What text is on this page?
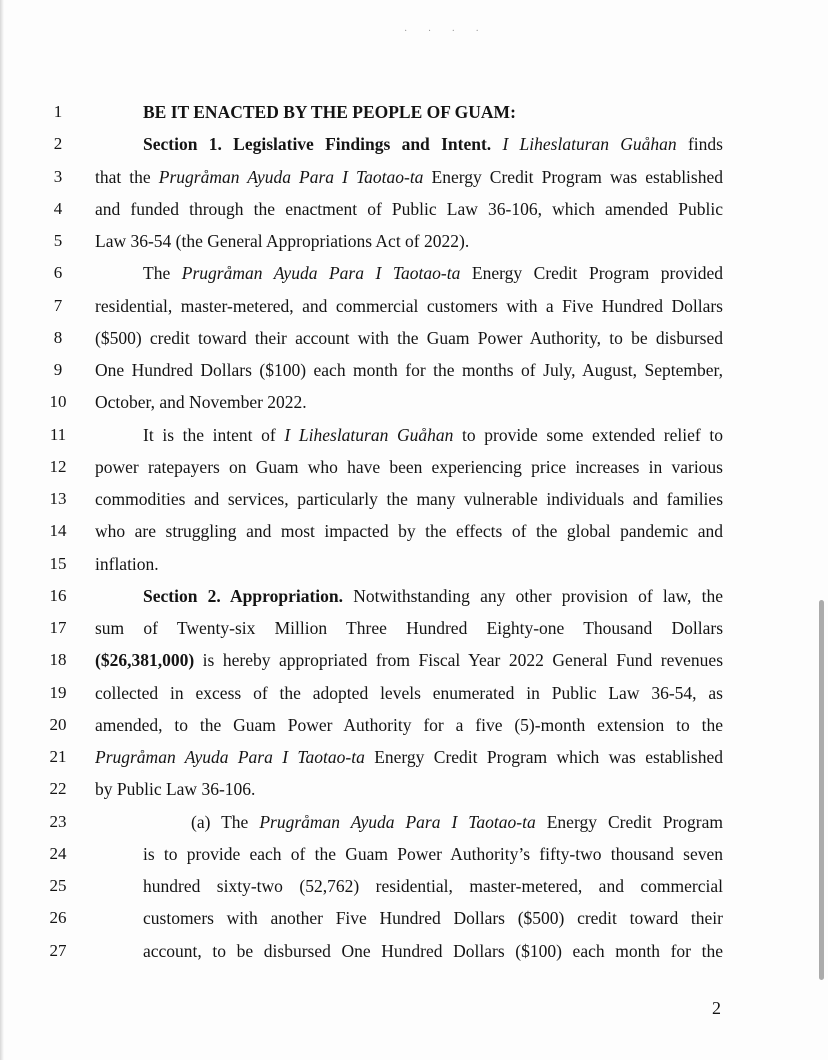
· · · ·
1	BE IT ENACTED BY THE PEOPLE OF GUAM:
2	Section 1. Legislative Findings and Intent. I Liheslaturan Guåhan finds
3	that the Prugråman Ayuda Para I Taotao-ta Energy Credit Program was established
4	and funded through the enactment of Public Law 36-106, which amended Public
5	Law 36-54 (the General Appropriations Act of 2022).
6	The Prugråman Ayuda Para I Taotao-ta Energy Credit Program provided
7	residential, master-metered, and commercial customers with a Five Hundred Dollars
8	($500) credit toward their account with the Guam Power Authority, to be disbursed
9	One Hundred Dollars ($100) each month for the months of July, August, September,
10	October, and November 2022.
11	It is the intent of I Liheslaturan Guåhan to provide some extended relief to
12	power ratepayers on Guam who have been experiencing price increases in various
13	commodities and services, particularly the many vulnerable individuals and families
14	who are struggling and most impacted by the effects of the global pandemic and
15	inflation.
16	Section 2. Appropriation. Notwithstanding any other provision of law, the
17	sum of Twenty-six Million Three Hundred Eighty-one Thousand Dollars
18	($26,381,000) is hereby appropriated from Fiscal Year 2022 General Fund revenues
19	collected in excess of the adopted levels enumerated in Public Law 36-54, as
20	amended, to the Guam Power Authority for a five (5)-month extension to the
21	Prugråman Ayuda Para I Taotao-ta Energy Credit Program which was established
22	by Public Law 36-106.
23	(a) The Prugråman Ayuda Para I Taotao-ta Energy Credit Program
24	is to provide each of the Guam Power Authority’s fifty-two thousand seven
25	hundred sixty-two (52,762) residential, master-metered, and commercial
26	customers with another Five Hundred Dollars ($500) credit toward their
27	account, to be disbursed One Hundred Dollars ($100) each month for the
2
